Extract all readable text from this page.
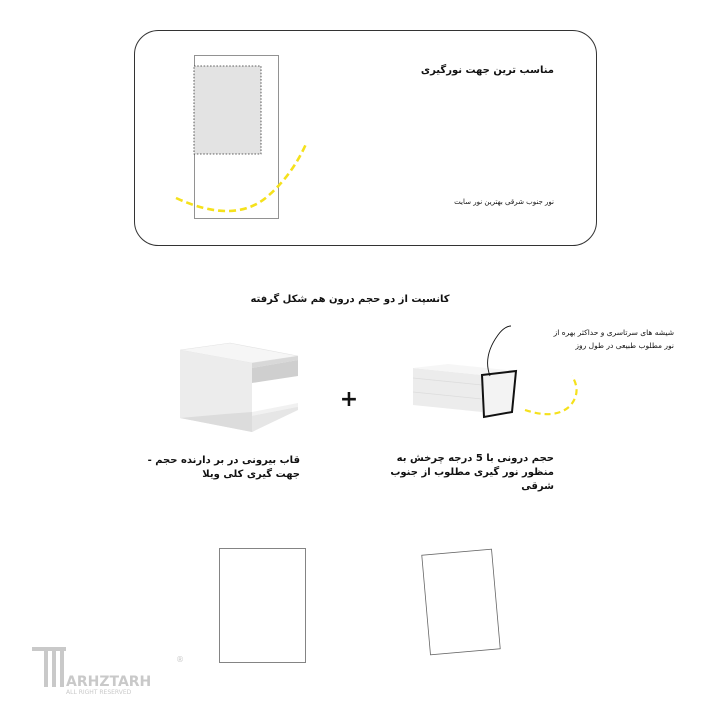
+
ARHZTARH
ALL RIGHT RESERVED
®
مناسب ترین جهت نورگیری
نور جنوب شرقی بهترین نور سایت
کانسپت از دو حجم درون هم شکل گرفته
شیشه های سرتاسری و حداکثر بهره از
نور مطلوب طبیعی در طول روز
حجم درونی با 5 درجه چرخش به
منظور نور گیری مطلوب از جنوب
شرقی
قاب بیرونی در بر دارنده حجم -
جهت گیری کلی ویلا
